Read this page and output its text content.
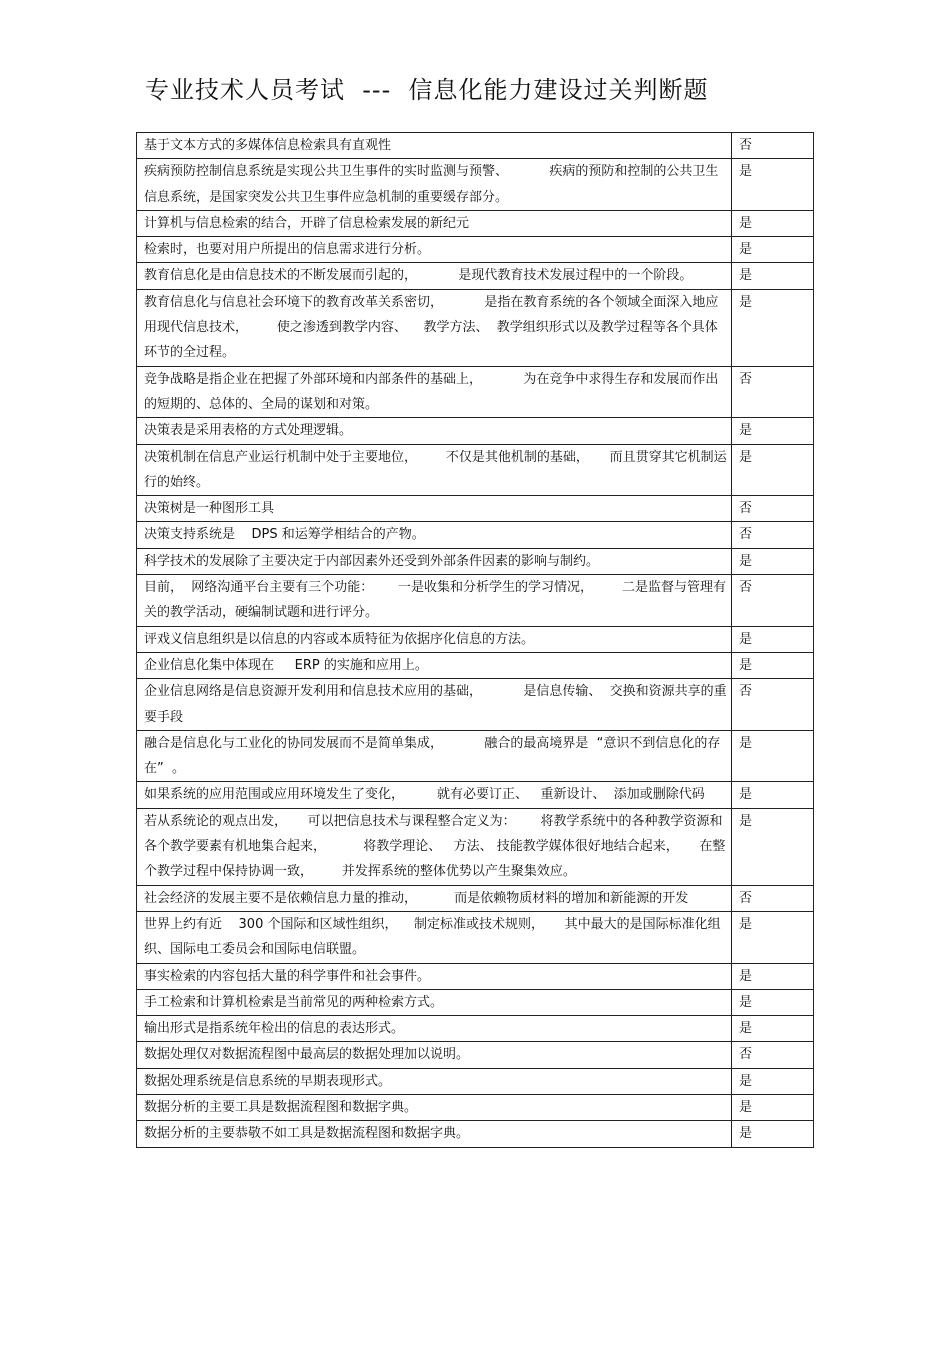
专业技术人员考试  ---  信息化能力建设过关判断题
基于文本方式的多媒体信息检索具有直观性	否
疾病预防控制信息系统是实现公共卫生事件的实时监测与预警、          疾病的预防和控制的公共卫生信息系统，是国家突发公共卫生事件应急机制的重要缓存部分。	是
计算机与信息检索的结合，开辟了信息检索发展的新纪元	是
检索时，也要对用户所提出的信息需求进行分析。	是
教育信息化是由信息技术的不断发展而引起的，          是现代教育技术发展过程中的一个阶段。	是
教育信息化与信息社会环境下的教育改革关系密切，          是指在教育系统的各个领域全面深入地应用现代信息技术，       使之渗透到教学内容、    教学方法、  教学组织形式以及教学过程等各个具体环节的全过程。	是
竞争战略是指企业在把握了外部环境和内部条件的基础上，          为在竞争中求得生存和发展而作出的短期的、总体的、全局的谋划和对策。	否
决策表是采用表格的方式处理逻辑。	是
决策机制在信息产业运行机制中处于主要地位，       不仅是其他机制的基础，     而且贯穿其它机制运行的始终。	是
决策树是一种图形工具	否
决策支持系统是    DPS 和运筹学相结合的产物。	否
科学技术的发展除了主要决定于内部因素外还受到外部条件因素的影响与制约。	是
目前，  网络沟通平台主要有三个功能：      一是收集和分析学生的学习情况，       二是监督与管理有关的教学活动，硬编制试题和进行评分。	否
评戏义信息组织是以信息的内容或本质特征为依据序化信息的方法。	是
企业信息化集中体现在     ERP 的实施和应用上。	是
企业信息网络是信息资源开发利用和信息技术应用的基础，          是信息传输、  交换和资源共享的重要手段	否
融合是信息化与工业化的协同发展而不是简单集成，          融合的最高境界是  “意识不到信息化的存在”  。	是
如果系统的应用范围或应用环境发生了变化，        就有必要订正、   重新设计、  添加或删除代码	是
若从系统论的观点出发，     可以把信息技术与课程整合定义为：      将教学系统中的各种教学资源和各个教学要素有机地集合起来，         将教学理论、   方法、 技能教学媒体很好地结合起来，     在整个教学过程中保持协调一致，       并发挥系统的整体优势以产生聚集效应。	是
社会经济的发展主要不是依赖信息力量的推动，         而是依赖物质材料的增加和新能源的开发	否
世界上约有近    300 个国际和区域性组织，    制定标准或技术规则，     其中最大的是国际标准化组织、国际电工委员会和国际电信联盟。	是
事实检索的内容包括大量的科学事件和社会事件。	是
手工检索和计算机检索是当前常见的两种检索方式。	是
输出形式是指系统年检出的信息的表达形式。	是
数据处理仅对数据流程图中最高层的数据处理加以说明。	否
数据处理系统是信息系统的早期表现形式。	是
数据分析的主要工具是数据流程图和数据字典。	是
数据分析的主要恭敬不如工具是数据流程图和数据字典。	是
